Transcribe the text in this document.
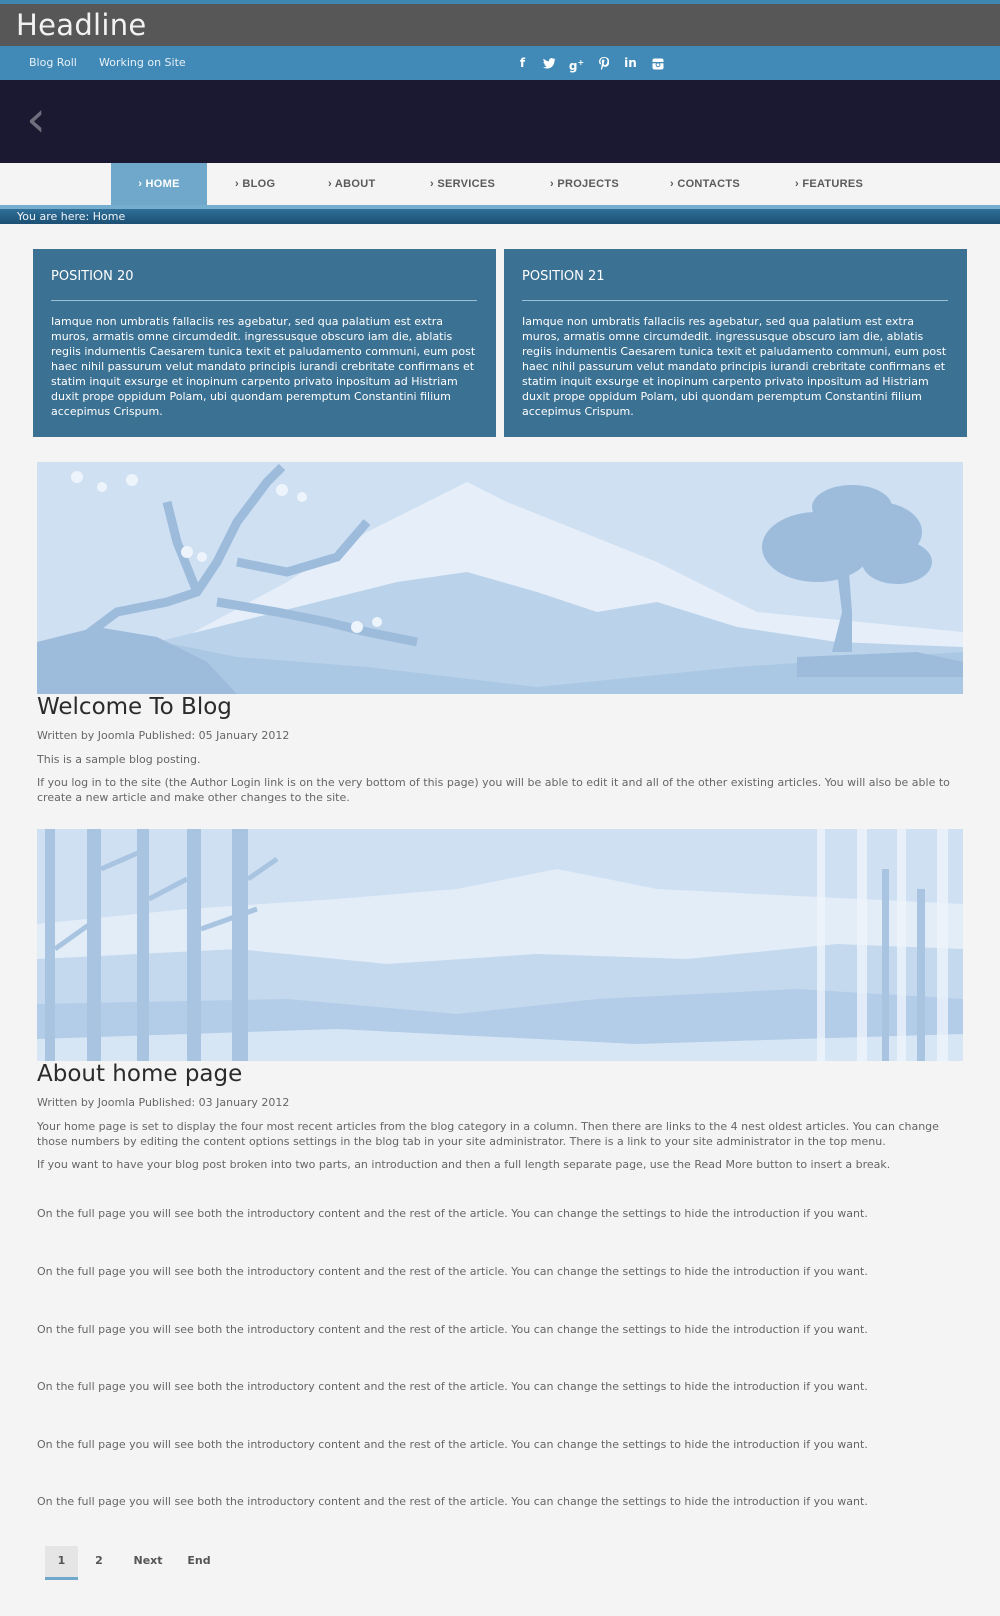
Headline
Blog Roll Working on Site	f	g+	in
‹
› HOME	› BLOG	› ABOUT	› SERVICES	› PROJECTS	› CONTACTS	› FEATURES
You are here: Home
POSITION 20

Iamque non umbratis fallaciis res agebatur, sed qua palatium est extra muros, armatis omne circumdedit. ingressusque obscuro iam die, ablatis regiis indumentis Caesarem tunica texit et paludamento communi, eum post haec nihil passurum velut mandato principis iurandi crebritate confirmans et statim inquit exsurge et inopinum carpento privato inpositum ad Histriam duxit prope oppidum Polam, ubi quondam peremptum Constantini filium accepimus Crispum.

POSITION 21

Iamque non umbratis fallaciis res agebatur, sed qua palatium est extra muros, armatis omne circumdedit. ingressusque obscuro iam die, ablatis regiis indumentis Caesarem tunica texit et paludamento communi, eum post haec nihil passurum velut mandato principis iurandi crebritate confirmans et statim inquit exsurge et inopinum carpento privato inpositum ad Histriam duxit prope oppidum Polam, ubi quondam peremptum Constantini filium accepimus Crispum.

Welcome To Blog
Written by Joomla Published: 05 January 2012
This is a sample blog posting.
If you log in to the site (the Author Login link is on the very bottom of this page) you will be able to edit it and all of the other existing articles. You will also be able to create a new article and make other changes to the site.
About home page
Written by Joomla Published: 03 January 2012
Your home page is set to display the four most recent articles from the blog category in a column. Then there are links to the 4 nest oldest articles. You can change those numbers by editing the content options settings in the blog tab in your site administrator. There is a link to your site administrator in the top menu.
If you want to have your blog post broken into two parts, an introduction and then a full length separate page, use the Read More button to insert a break.
On the full page you will see both the introductory content and the rest of the article. You can change the settings to hide the introduction if you want.
On the full page you will see both the introductory content and the rest of the article. You can change the settings to hide the introduction if you want.
On the full page you will see both the introductory content and the rest of the article. You can change the settings to hide the introduction if you want.
On the full page you will see both the introductory content and the rest of the article. You can change the settings to hide the introduction if you want.
On the full page you will see both the introductory content and the rest of the article. You can change the settings to hide the introduction if you want.
On the full page you will see both the introductory content and the rest of the article. You can change the settings to hide the introduction if you want.
1	2	Next	End
